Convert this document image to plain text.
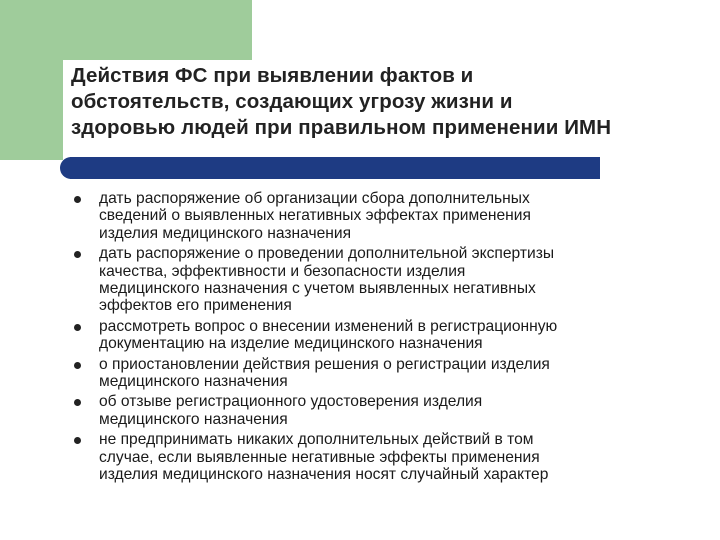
Действия ФС при выявлении фактов и
обстоятельств, создающих угрозу жизни и
здоровью людей при правильном применении ИМН
дать распоряжение об организации сбора дополнительных
сведений о выявленных негативных эффектах применения
изделия медицинского назначения
дать распоряжение о проведении дополнительной экспертизы
качества, эффективности и безопасности изделия
медицинского назначения с учетом выявленных негативных
эффектов его применения
рассмотреть вопрос о внесении изменений в регистрационную
документацию на изделие медицинского назначения
о приостановлении действия решения о регистрации изделия
медицинского назначения
об отзыве регистрационного удостоверения изделия
медицинского назначения
не предпринимать никаких дополнительных действий в том
случае, если выявленные негативные эффекты применения
изделия медицинского назначения носят случайный характер
